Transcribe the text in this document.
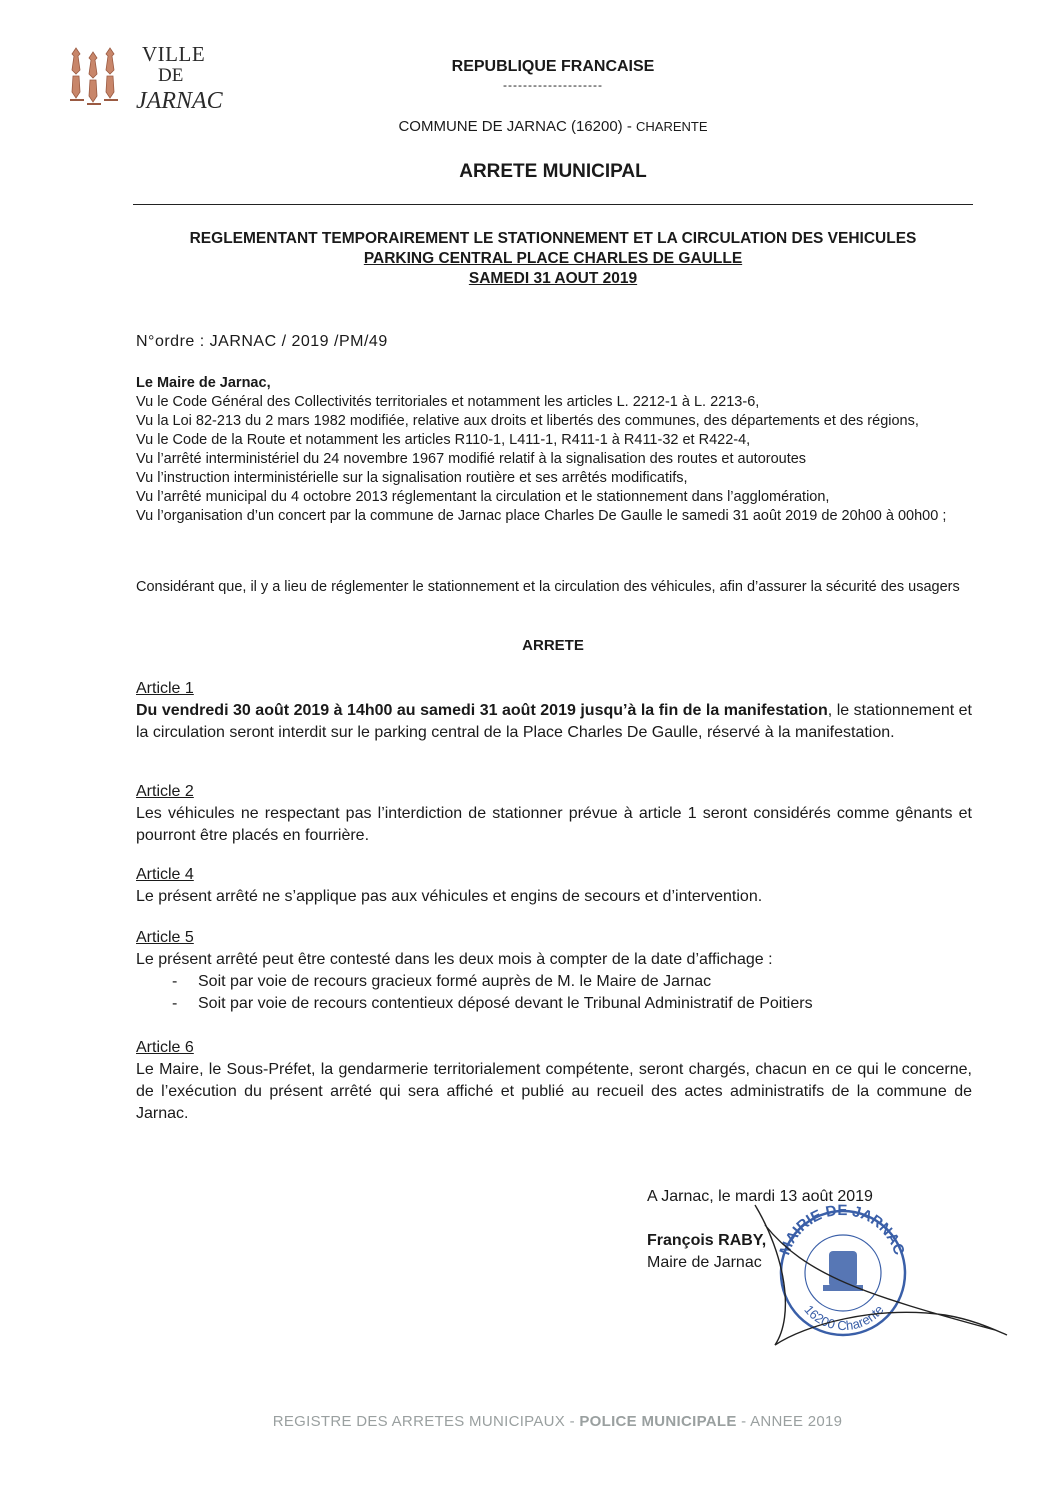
VILLE
DE
JARNAC
REPUBLIQUE FRANCAISE
--------------------
COMMUNE DE JARNAC (16200) - CHARENTE
ARRETE MUNICIPAL
REGLEMENTANT TEMPORAIREMENT LE STATIONNEMENT ET LA CIRCULATION DES VEHICULES
PARKING CENTRAL PLACE CHARLES DE GAULLE
SAMEDI 31 AOUT 2019
N°ordre : JARNAC / 2019 /PM/49

Le Maire de Jarnac,

Vu le Code Général des Collectivités territoriales et notamment les articles L. 2212-1 à L. 2213-6,

Vu la Loi 82-213 du 2 mars 1982 modifiée, relative aux droits et libertés des communes, des départements et des régions,

Vu le Code de la Route et notamment les articles R110-1, L411-1, R411-1 à R411-32 et R422-4,

Vu l’arrêté interministériel du 24 novembre 1967 modifié relatif à la signalisation des routes et autoroutes

Vu l’instruction interministérielle sur la signalisation routière et ses arrêtés modificatifs,

Vu l’arrêté municipal du 4 octobre 2013 réglementant la circulation et le stationnement dans l’agglomération,

Vu l’organisation d’un concert par la commune de Jarnac place Charles De Gaulle le samedi 31 août 2019 de 20h00 à 00h00 ;

Considérant que, il y a lieu de réglementer le stationnement et la circulation des véhicules, afin d’assurer la sécurité des usagers
ARRETE

Article 1

Du vendredi 30 août 2019 à 14h00 au samedi 31 août 2019 jusqu’à la fin de la manifestation, le stationnement et la circulation seront interdit sur le parking central de la Place Charles De Gaulle, réservé à la manifestation.

Article 2

Les véhicules ne respectant pas l’interdiction de stationner prévue à article 1 seront considérés comme gênants et pourront être placés en fourrière.

Article 4

Le présent arrêté ne s’applique pas aux véhicules et engins de secours et d’intervention.

Article 5

Le présent arrêté peut être contesté dans les deux mois à compter de la date d’affichage :

- Soit par voie de recours gracieux formé auprès de M. le Maire de Jarnac
- Soit par voie de recours contentieux déposé devant le Tribunal Administratif de Poitiers

Article 6

Le Maire, le Sous-Préfet, la gendarmerie territorialement compétente, seront chargés, chacun en ce qui le concerne, de l’exécution du présent arrêté qui sera affiché et publié au recueil des actes administratifs de la commune de Jarnac.

MAIRIE DE JARNAC
16200 Charente
A Jarnac, le mardi 13 août 2019
François RABY,
Maire de Jarnac
REGISTRE DES ARRETES MUNICIPAUX - POLICE MUNICIPALE - ANNEE 2019
